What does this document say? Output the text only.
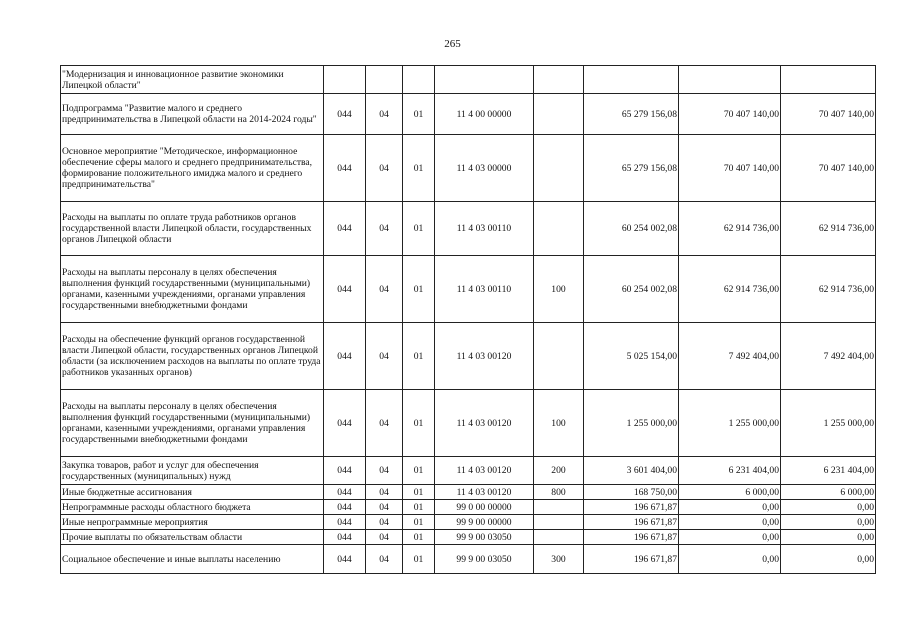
265
"Модернизация и инновационное развитие экономики Липецкой области"								
Подпрограмма "Развитие малого и среднего предпринимательства в Липецкой области на 2014-2024 годы"	044	04	01	11 4 00 00000		65 279 156,08	70 407 140,00	70 407 140,00
Основное мероприятие "Методическое, информационное обеспечение сферы малого и среднего предпринимательства, формирование положительного имиджа малого и среднего предпринимательства"	044	04	01	11 4 03 00000		65 279 156,08	70 407 140,00	70 407 140,00
Расходы на выплаты по оплате труда работников органов государственной власти Липецкой области, государственных органов Липецкой области	044	04	01	11 4 03 00110		60 254 002,08	62 914 736,00	62 914 736,00
Расходы на выплаты персоналу в целях обеспечения выполнения функций государственными (муниципальными) органами, казенными учреждениями, органами управления государственными внебюджетными фондами	044	04	01	11 4 03 00110	100	60 254 002,08	62 914 736,00	62 914 736,00
Расходы на обеспечение функций органов государственной власти Липецкой области, государственных органов Липецкой области (за исключением расходов на выплаты по оплате труда работников указанных органов)	044	04	01	11 4 03 00120		5 025 154,00	7 492 404,00	7 492 404,00
Расходы на выплаты персоналу в целях обеспечения выполнения функций государственными (муниципальными) органами, казенными учреждениями, органами управления государственными внебюджетными фондами	044	04	01	11 4 03 00120	100	1 255 000,00	1 255 000,00	1 255 000,00
Закупка товаров, работ и услуг для обеспечения государственных (муниципальных) нужд	044	04	01	11 4 03 00120	200	3 601 404,00	6 231 404,00	6 231 404,00
Иные бюджетные ассигнования	044	04	01	11 4 03 00120	800	168 750,00	6 000,00	6 000,00
Непрограммные расходы областного бюджета	044	04	01	99 0 00 00000		196 671,87	0,00	0,00
Иные непрограммные мероприятия	044	04	01	99 9 00 00000		196 671,87	0,00	0,00
Прочие выплаты по обязательствам области	044	04	01	99 9 00 03050		196 671,87	0,00	0,00
Социальное обеспечение и иные выплаты населению	044	04	01	99 9 00 03050	300	196 671,87	0,00	0,00
